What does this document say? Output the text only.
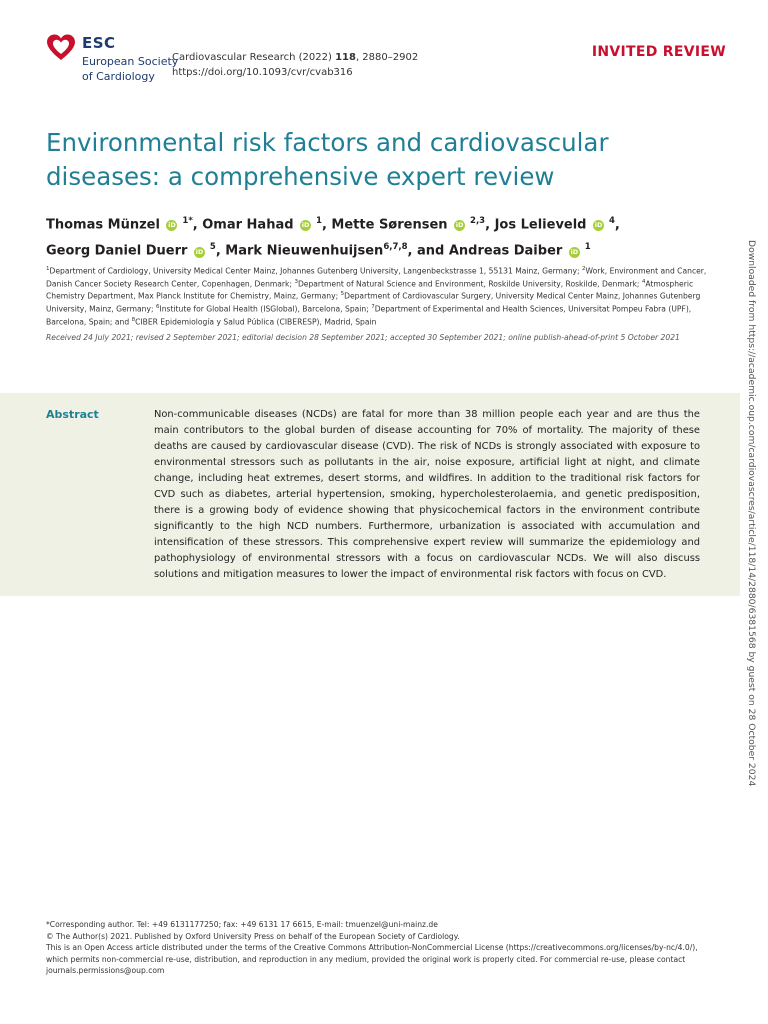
ESC
European Society
of Cardiology
Cardiovascular Research (2022) 118, 2880–2902
https://doi.org/10.1093/cvr/cvab316
INVITED REVIEW
Environmental risk factors and cardiovascular diseases: a comprehensive expert review
Thomas Münzel iD $^{1*}$, Omar Hahad iD $^1$, Mette Sørensen iD $^{2,3}$, Jos Lelieveld iD $^4$,
Georg Daniel Duerr iD $^5$, Mark Nieuwenhuijsen$^{6,7,8}$, and Andreas Daiber iD $^1$
$^1$Department of Cardiology, University Medical Center Mainz, Johannes Gutenberg University, Langenbeckstrasse 1, 55131 Mainz, Germany; $^2$Work, Environment and Cancer, Danish Cancer Society Research Center, Copenhagen, Denmark; $^3$Department of Natural Science and Environment, Roskilde University, Roskilde, Denmark; $^4$Atmospheric Chemistry Department, Max Planck Institute for Chemistry, Mainz, Germany; $^5$Department of Cardiovascular Surgery, University Medical Center Mainz, Johannes Gutenberg University, Mainz, Germany; $^6$Institute for Global Health (ISGlobal), Barcelona, Spain; $^7$Department of Experimental and Health Sciences, Universitat Pompeu Fabra (UPF), Barcelona, Spain; and $^8$CIBER Epidemiología y Salud Pública (CIBERESP), Madrid, Spain
Received 24 July 2021; revised 2 September 2021; editorial decision 28 September 2021; accepted 30 September 2021; online publish-ahead-of-print 5 October 2021
Abstract	Non-communicable diseases (NCDs) are fatal for more than 38 million people each year and are thus the main contributors to the global burden of disease accounting for 70% of mortality. The majority of these deaths are caused by cardiovascular disease (CVD). The risk of NCDs is strongly associated with exposure to environmental stressors such as pollutants in the air, noise exposure, artificial light at night, and climate change, including heat extremes, desert storms, and wildfires. In addition to the traditional risk factors for CVD such as diabetes, arterial hypertension, smoking, hypercholesterolaemia, and genetic predisposition, there is a growing body of evidence showing that physicochemical factors in the environment contribute significantly to the high NCD numbers. Furthermore, urbanization is associated with accumulation and intensification of these stressors. This comprehensive expert review will summarize the epidemiology and pathophysiology of environmental stressors with a focus on cardiovascular NCDs. We will also discuss solutions and mitigation measures to lower the impact of environmental risk factors with focus on CVD.	Downloaded from https://academic.oup.com/cardiovascres/article/118/14/2880/6381568 by guest on 28 October 2024
*Corresponding author. Tel: +49 6131177250; fax: +49 6131 17 6615, E-mail: tmuenzel@uni-mainz.de
© The Author(s) 2021. Published by Oxford University Press on behalf of the European Society of Cardiology.
This is an Open Access article distributed under the terms of the Creative Commons Attribution-NonCommercial License (https://creativecommons.org/licenses/by-nc/4.0/), which permits non-commercial re-use, distribution, and reproduction in any medium, provided the original work is properly cited. For commercial re-use, please contact journals.permissions@oup.com
